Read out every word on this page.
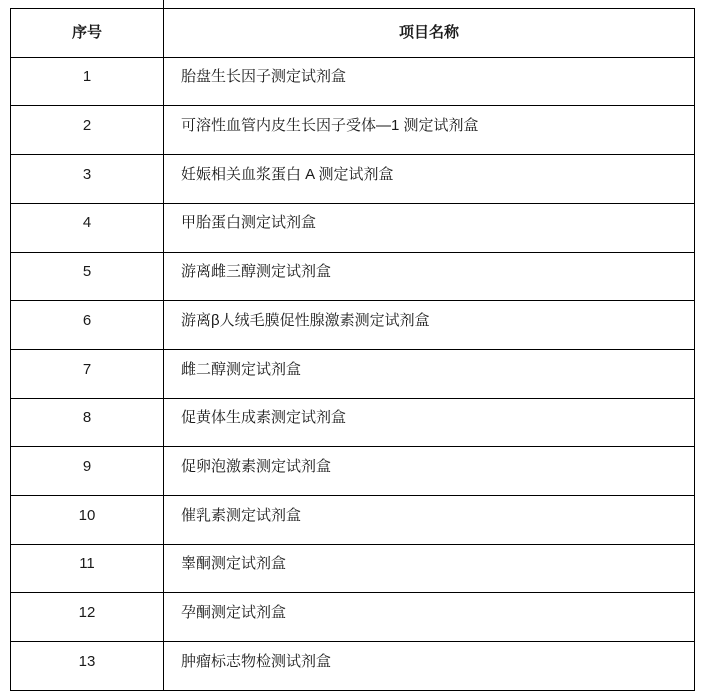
序号	项目名称
1	胎盘生长因子测定试剂盒
2	可溶性血管内皮生长因子受体—1 测定试剂盒
3	妊娠相关血浆蛋白 A 测定试剂盒
4	甲胎蛋白测定试剂盒
5	游离雌三醇测定试剂盒
6	游离β人绒毛膜促性腺激素测定试剂盒
7	雌二醇测定试剂盒
8	促黄体生成素测定试剂盒
9	促卵泡激素测定试剂盒
10	催乳素测定试剂盒
11	睾酮测定试剂盒
12	孕酮测定试剂盒
13	肿瘤标志物检测试剂盒
